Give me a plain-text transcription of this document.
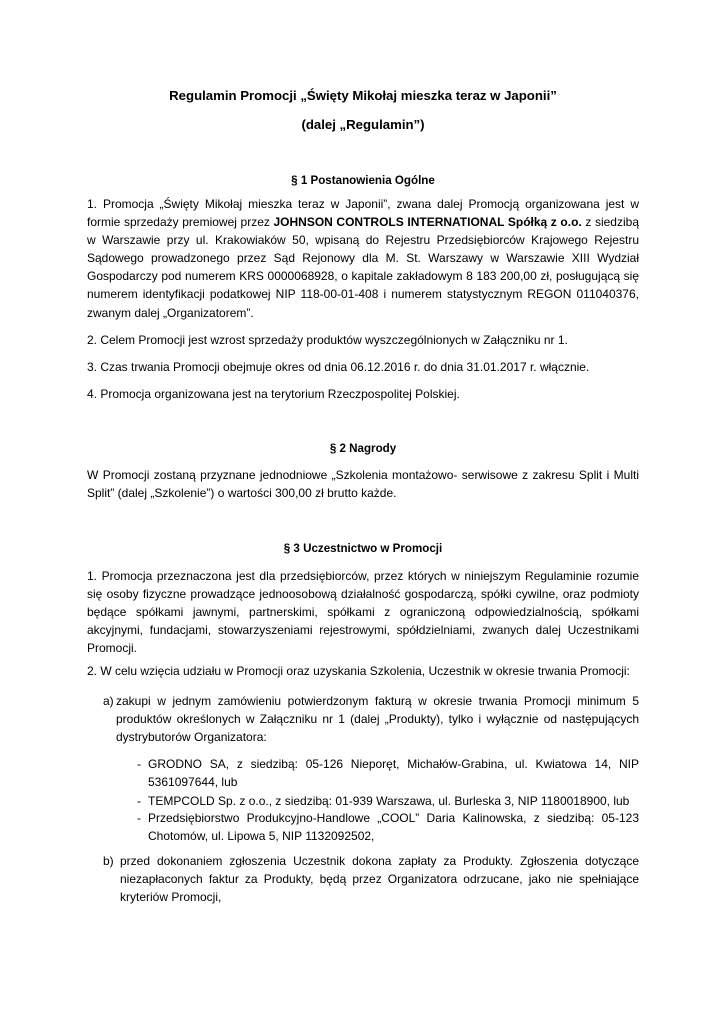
Regulamin Promocji „Święty Mikołaj mieszka teraz w Japonii”
(dalej „Regulamin”)
§ 1 Postanowienia Ogólne
1. Promocja „Święty Mikołaj mieszka teraz w Japonii”, zwana dalej Promocją organizowana jest w formie sprzedaży premiowej przez JOHNSON CONTROLS INTERNATIONAL Spółką z o.o. z siedzibą w Warszawie przy ul. Krakowiaków 50, wpisaną do Rejestru Przedsiębiorców Krajowego Rejestru Sądowego prowadzonego przez Sąd Rejonowy dla M. St. Warszawy w Warszawie XIII Wydział Gospodarczy pod numerem KRS 0000068928, o kapitale zakładowym 8 183 200,00 zł, posługującą się numerem identyfikacji podatkowej NIP 118-00-01-408 i numerem statystycznym REGON 011040376, zwanym dalej „Organizatorem”.
2. Celem Promocji jest wzrost sprzedaży produktów wyszczególnionych w Załączniku nr 1.
3. Czas trwania Promocji obejmuje okres od dnia 06.12.2016 r. do dnia 31.01.2017 r. włącznie.
4. Promocja organizowana jest na terytorium Rzeczpospolitej Polskiej.
§ 2 Nagrody
W Promocji zostaną przyznane jednodniowe „Szkolenia montażowo- serwisowe z zakresu Split i Multi Split” (dalej „Szkolenie”) o wartości 300,00 zł brutto każde.
§ 3 Uczestnictwo w Promocji
1. Promocja przeznaczona jest dla przedsiębiorców, przez których w niniejszym Regulaminie rozumie się osoby fizyczne prowadzące jednoosobową działalność gospodarczą, spółki cywilne, oraz podmioty będące spółkami jawnymi, partnerskimi, spółkami z ograniczoną odpowiedzialnością, spółkami akcyjnymi, fundacjami, stowarzyszeniami rejestrowymi, spółdzielniami, zwanych dalej Uczestnikami Promocji.
2. W celu wzięcia udziału w Promocji oraz uzyskania Szkolenia, Uczestnik w okresie trwania Promocji:
a) zakupi w jednym zamówieniu potwierdzonym fakturą w okresie trwania Promocji minimum 5 produktów określonych w Załączniku nr 1 (dalej „Produkty), tylko i wyłącznie od następujących dystrybutorów Organizatora:
- GRODNO SA, z siedzibą: 05-126 Nieporęt, Michałów-Grabina, ul. Kwiatowa 14, NIP 5361097644, lub
- TEMPCOLD Sp. z o.o., z siedzibą: 01-939 Warszawa, ul. Burleska 3, NIP 1180018900, lub
- Przedsiębiorstwo Produkcyjno-Handlowe „COOL” Daria Kalinowska, z siedzibą: 05-123 Chotomów, ul. Lipowa 5, NIP 1132092502,
b) przed dokonaniem zgłoszenia Uczestnik dokona zapłaty za Produkty. Zgłoszenia dotyczące niezapłaconych faktur za Produkty, będą przez Organizatora odrzucane, jako nie spełniające kryteriów Promocji,
